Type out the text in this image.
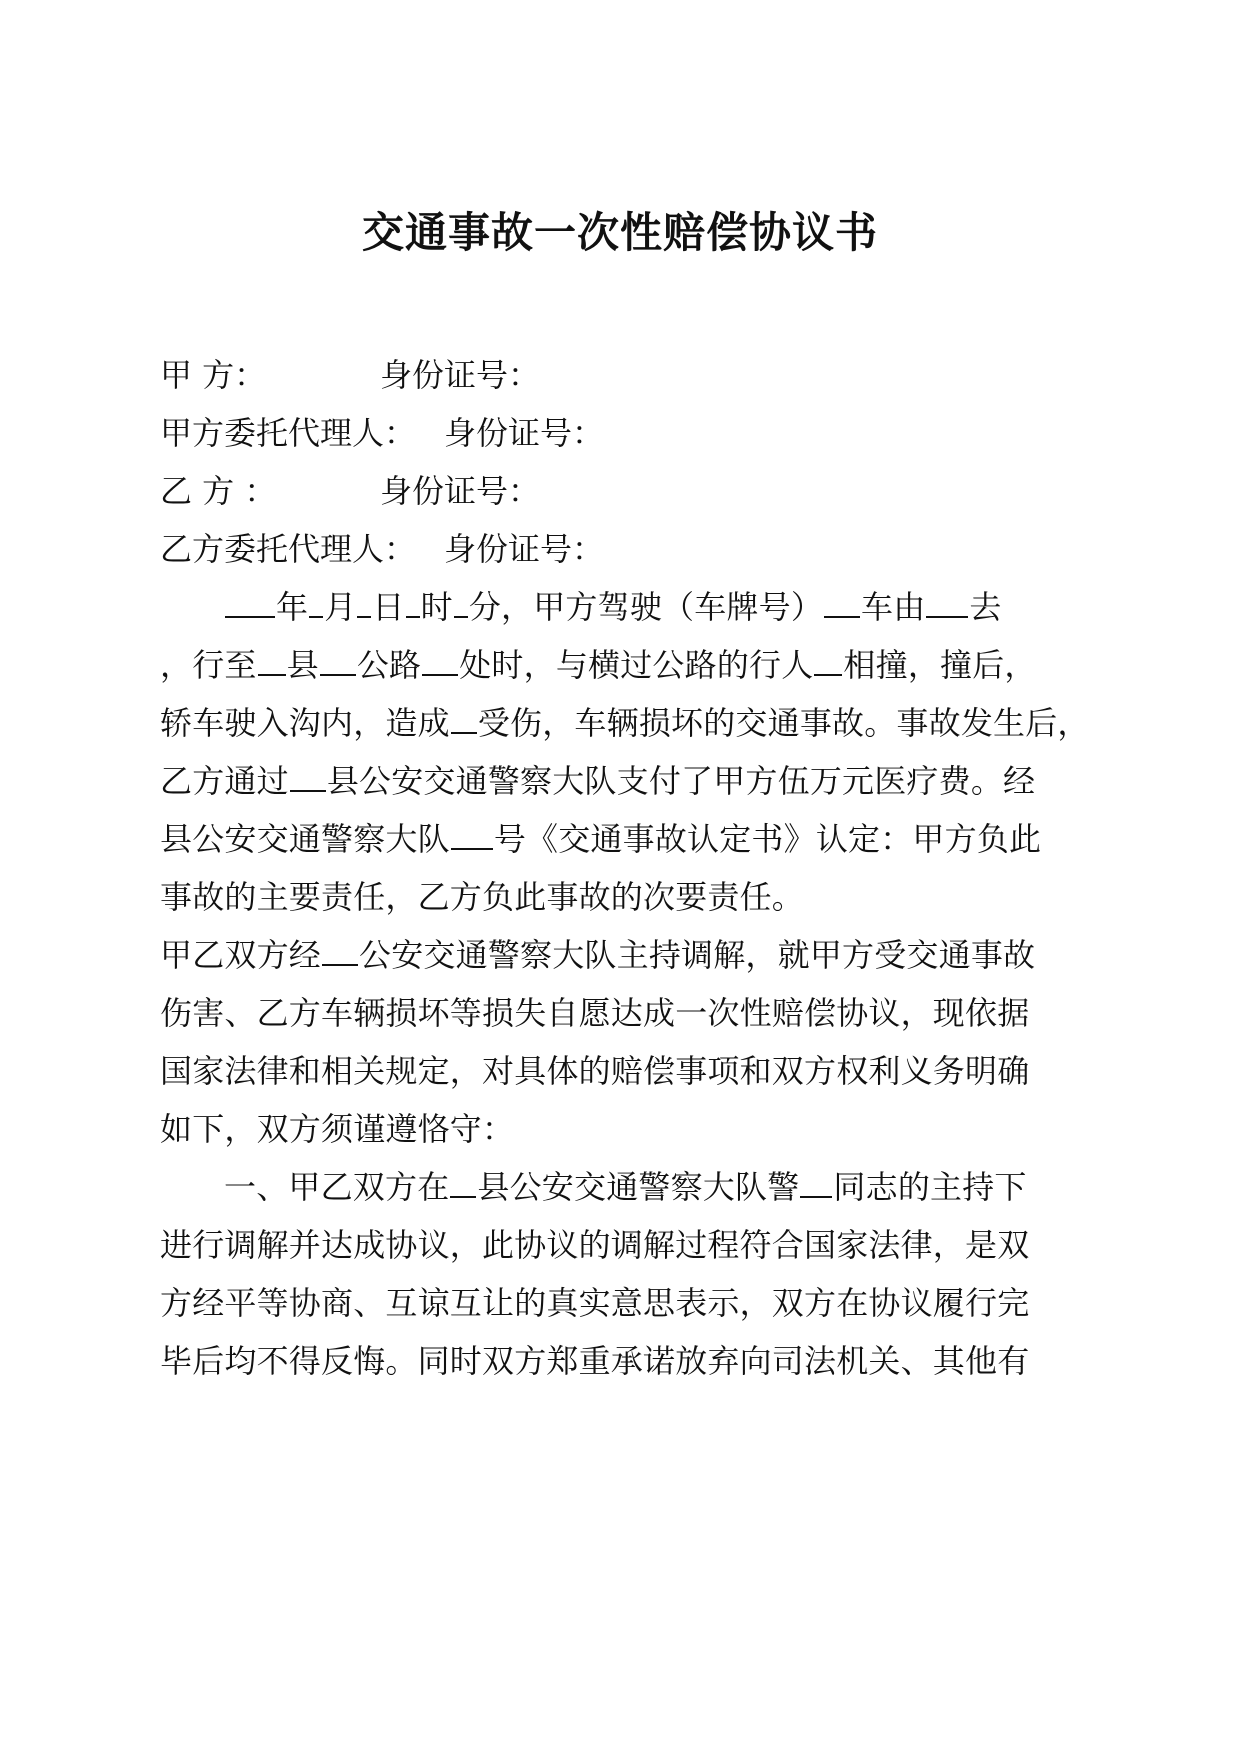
交通事故一次性赔偿协议书
甲 方：	身份证号：
甲方委托代理人： 身份证号：
乙 方 ：	身份证号：
乙方委托代理人： 身份证号：
年 月 日 时 分，甲方驾驶（车牌号） 车由 去
，行至 县 公路 处时，与横过公路的行人 相撞，撞后，
轿车驶入沟内，造成 受伤，车辆损坏的交通事故。事故发生后，
乙方通过 县公安交通警察大队支付了甲方伍万元医疗费。经
县公安交通警察大队 号《交通事故认定书》认定：甲方负此
事故的主要责任，乙方负此事故的次要责任。
甲乙双方经 公安交通警察大队主持调解，就甲方受交通事故
伤害、乙方车辆损坏等损失自愿达成一次性赔偿协议，现依据
国家法律和相关规定，对具体的赔偿事项和双方权利义务明确
如下，双方须谨遵恪守：
一、甲乙双方在 县公安交通警察大队警 同志的主持下
进行调解并达成协议，此协议的调解过程符合国家法律，是双
方经平等协商、互谅互让的真实意思表示，双方在协议履行完
毕后均不得反悔。同时双方郑重承诺放弃向司法机关、其他有
